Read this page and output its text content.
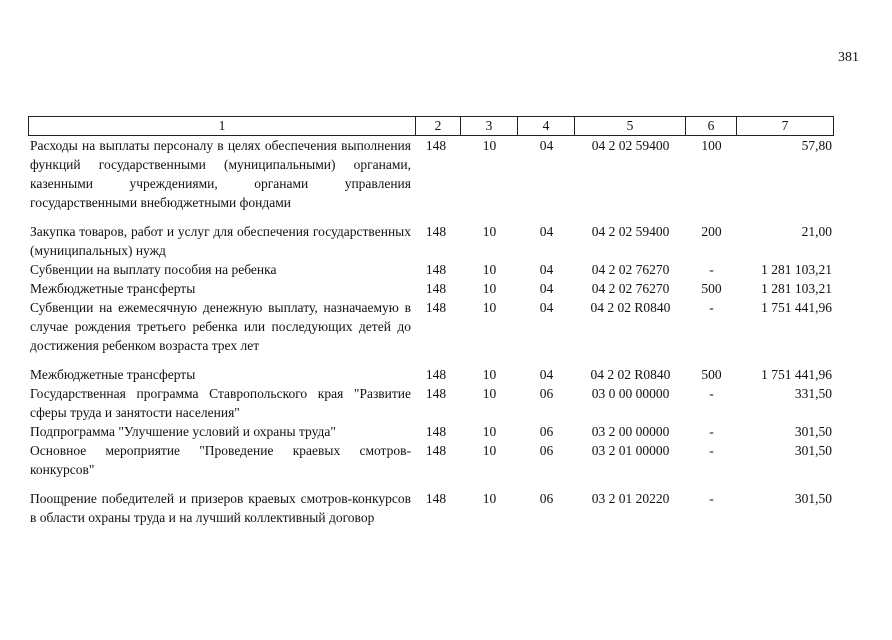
381
1	2	3	4	5	6	7
Расходы на выплаты персоналу в целях обеспечения выполнения функций государственными (муниципальными) органами, казенными учреждениями, органами управления государственными внебюджетными фондами
148	10	04	04 2 02 59400	100	57,80
Закупка товаров, работ и услуг для обеспечения государственных (муниципальных) нужд
148	10	04	04 2 02 59400	200	21,00
Субвенции на выплату пособия на ребенка	148	10	04	04 2 02 76270	-	1 281 103,21
Межбюджетные трансферты	148	10	04	04 2 02 76270	500	1 281 103,21
Субвенции на ежемесячную денежную выплату, назначаемую в случае рождения третьего ребенка или последующих детей до достижения ребенком возраста трех лет
148	10	04	04 2 02 R0840	-	1 751 441,96
Межбюджетные трансферты	148	10	04	04 2 02 R0840	500	1 751 441,96
Государственная программа Ставропольского края "Развитие сферы труда и занятости населения"
148	10	06	03 0 00 00000	-	331,50
Подпрограмма "Улучшение условий и охраны труда"	148	10	06	03 2 00 00000	-	301,50
Основное мероприятие "Проведение краевых смотров-конкурсов"
148	10	06	03 2 01 00000	-	301,50
Поощрение победителей и призеров краевых смотров-конкурсов в области охраны труда и на лучший коллективный договор
148	10	06	03 2 01 20220	-	301,50
